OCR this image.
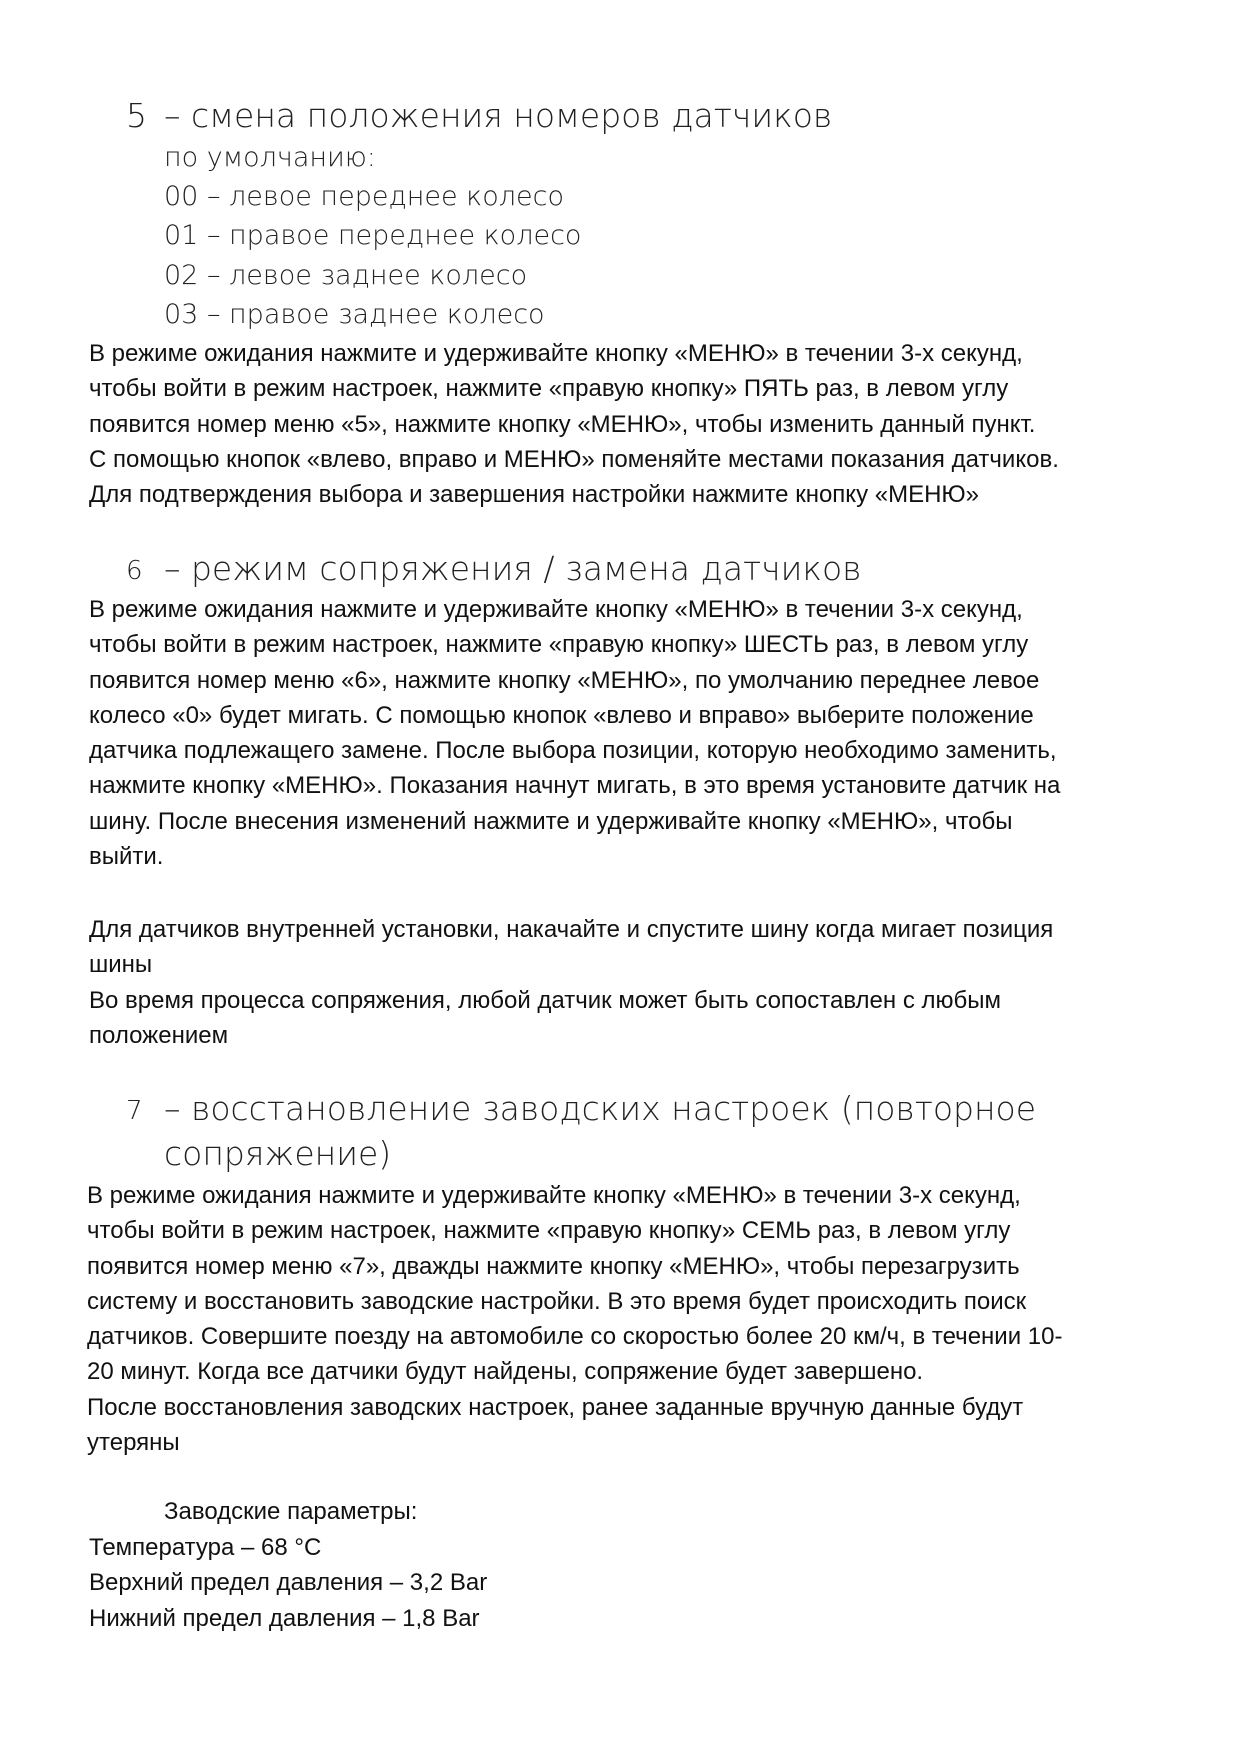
5 – смена положения номеров датчиков
по умолчанию:
00 – левое переднее колесо
01 – правое переднее колесо
02 – левое заднее колесо
03 – правое заднее колесо
В режиме ожидания нажмите и удерживайте кнопку «МЕНЮ» в течении 3-х секунд,
чтобы войти в режим настроек, нажмите «правую кнопку» ПЯТЬ раз, в левом углу
появится номер меню «5», нажмите кнопку «МЕНЮ», чтобы изменить данный пункт.
С помощью кнопок «влево, вправо и МЕНЮ» поменяйте местами показания датчиков.
Для подтверждения выбора и завершения настройки нажмите кнопку «МЕНЮ»
6 – режим сопряжения / замена датчиков
В режиме ожидания нажмите и удерживайте кнопку «МЕНЮ» в течении 3-х секунд,
чтобы войти в режим настроек, нажмите «правую кнопку» ШЕСТЬ раз, в левом углу
появится номер меню «6», нажмите кнопку «МЕНЮ», по умолчанию переднее левое
колесо «0» будет мигать. С помощью кнопок «влево и вправо» выберите положение
датчика подлежащего замене. После выбора позиции, которую необходимо заменить,
нажмите кнопку «МЕНЮ». Показания начнут мигать, в это время установите датчик на
шину. После внесения изменений нажмите и удерживайте кнопку «МЕНЮ», чтобы
выйти.
Для датчиков внутренней установки, накачайте и спустите шину когда мигает позиция
шины
Во время процесса сопряжения, любой датчик может быть сопоставлен с любым
положением
7 – восстановление заводских настроек (повторное
сопряжение)
В режиме ожидания нажмите и удерживайте кнопку «МЕНЮ» в течении 3-х секунд,
чтобы войти в режим настроек, нажмите «правую кнопку» СЕМЬ раз, в левом углу
появится номер меню «7», дважды нажмите кнопку «МЕНЮ», чтобы перезагрузить
систему и восстановить заводские настройки. В это время будет происходить поиск
датчиков. Совершите поезду на автомобиле со скоростью более 20 км/ч, в течении 10-
20 минут. Когда все датчики будут найдены, сопряжение будет завершено.
После восстановления заводских настроек, ранее заданные вручную данные будут
утеряны
Заводские параметры:
Температура – 68 °С
Верхний предел давления – 3,2 Bar
Нижний предел давления – 1,8 Bar
